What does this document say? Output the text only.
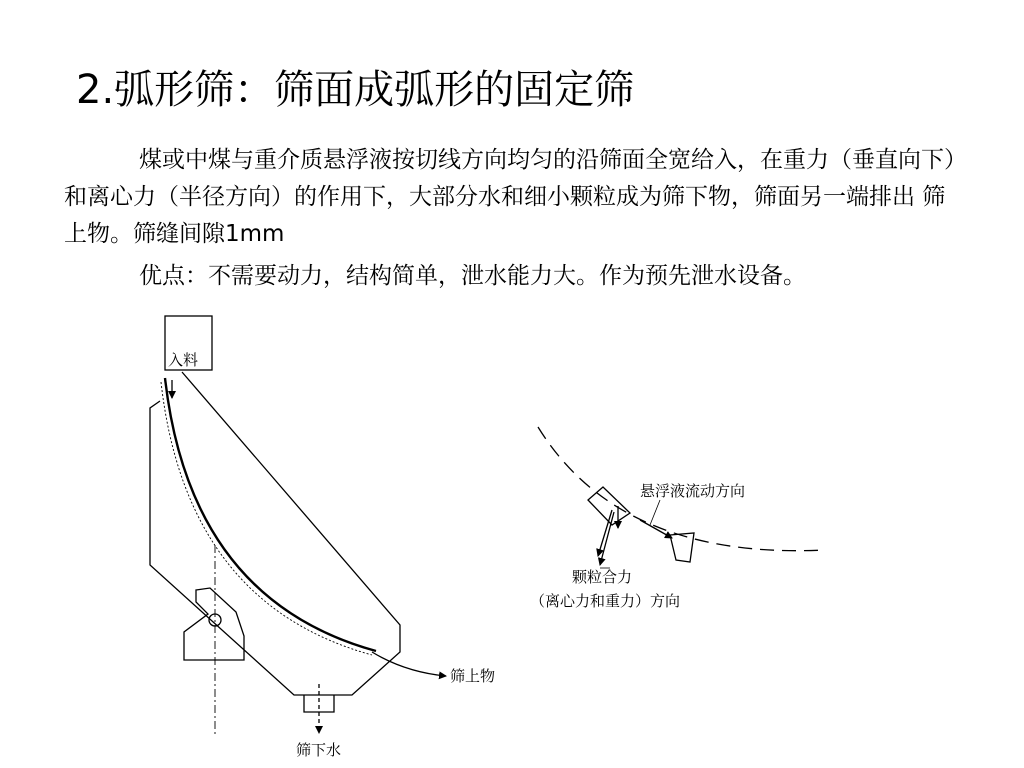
2.弧形筛：筛面成弧形的固定筛

煤或中煤与重介质悬浮液按切线方向均匀的沿筛面全宽给入，在重力（垂直向下）和离心力（半径方向）的作用下，大部分水和细小颗粒成为筛下物，筛面另一端排出 筛上物。筛缝间隙1mm

优点：不需要动力，结构简单，泄水能力大。作为预先泄水设备。

入料
筛上物
筛下水
悬浮液流动方向
颗粒合力
（离心力和重力）方向
